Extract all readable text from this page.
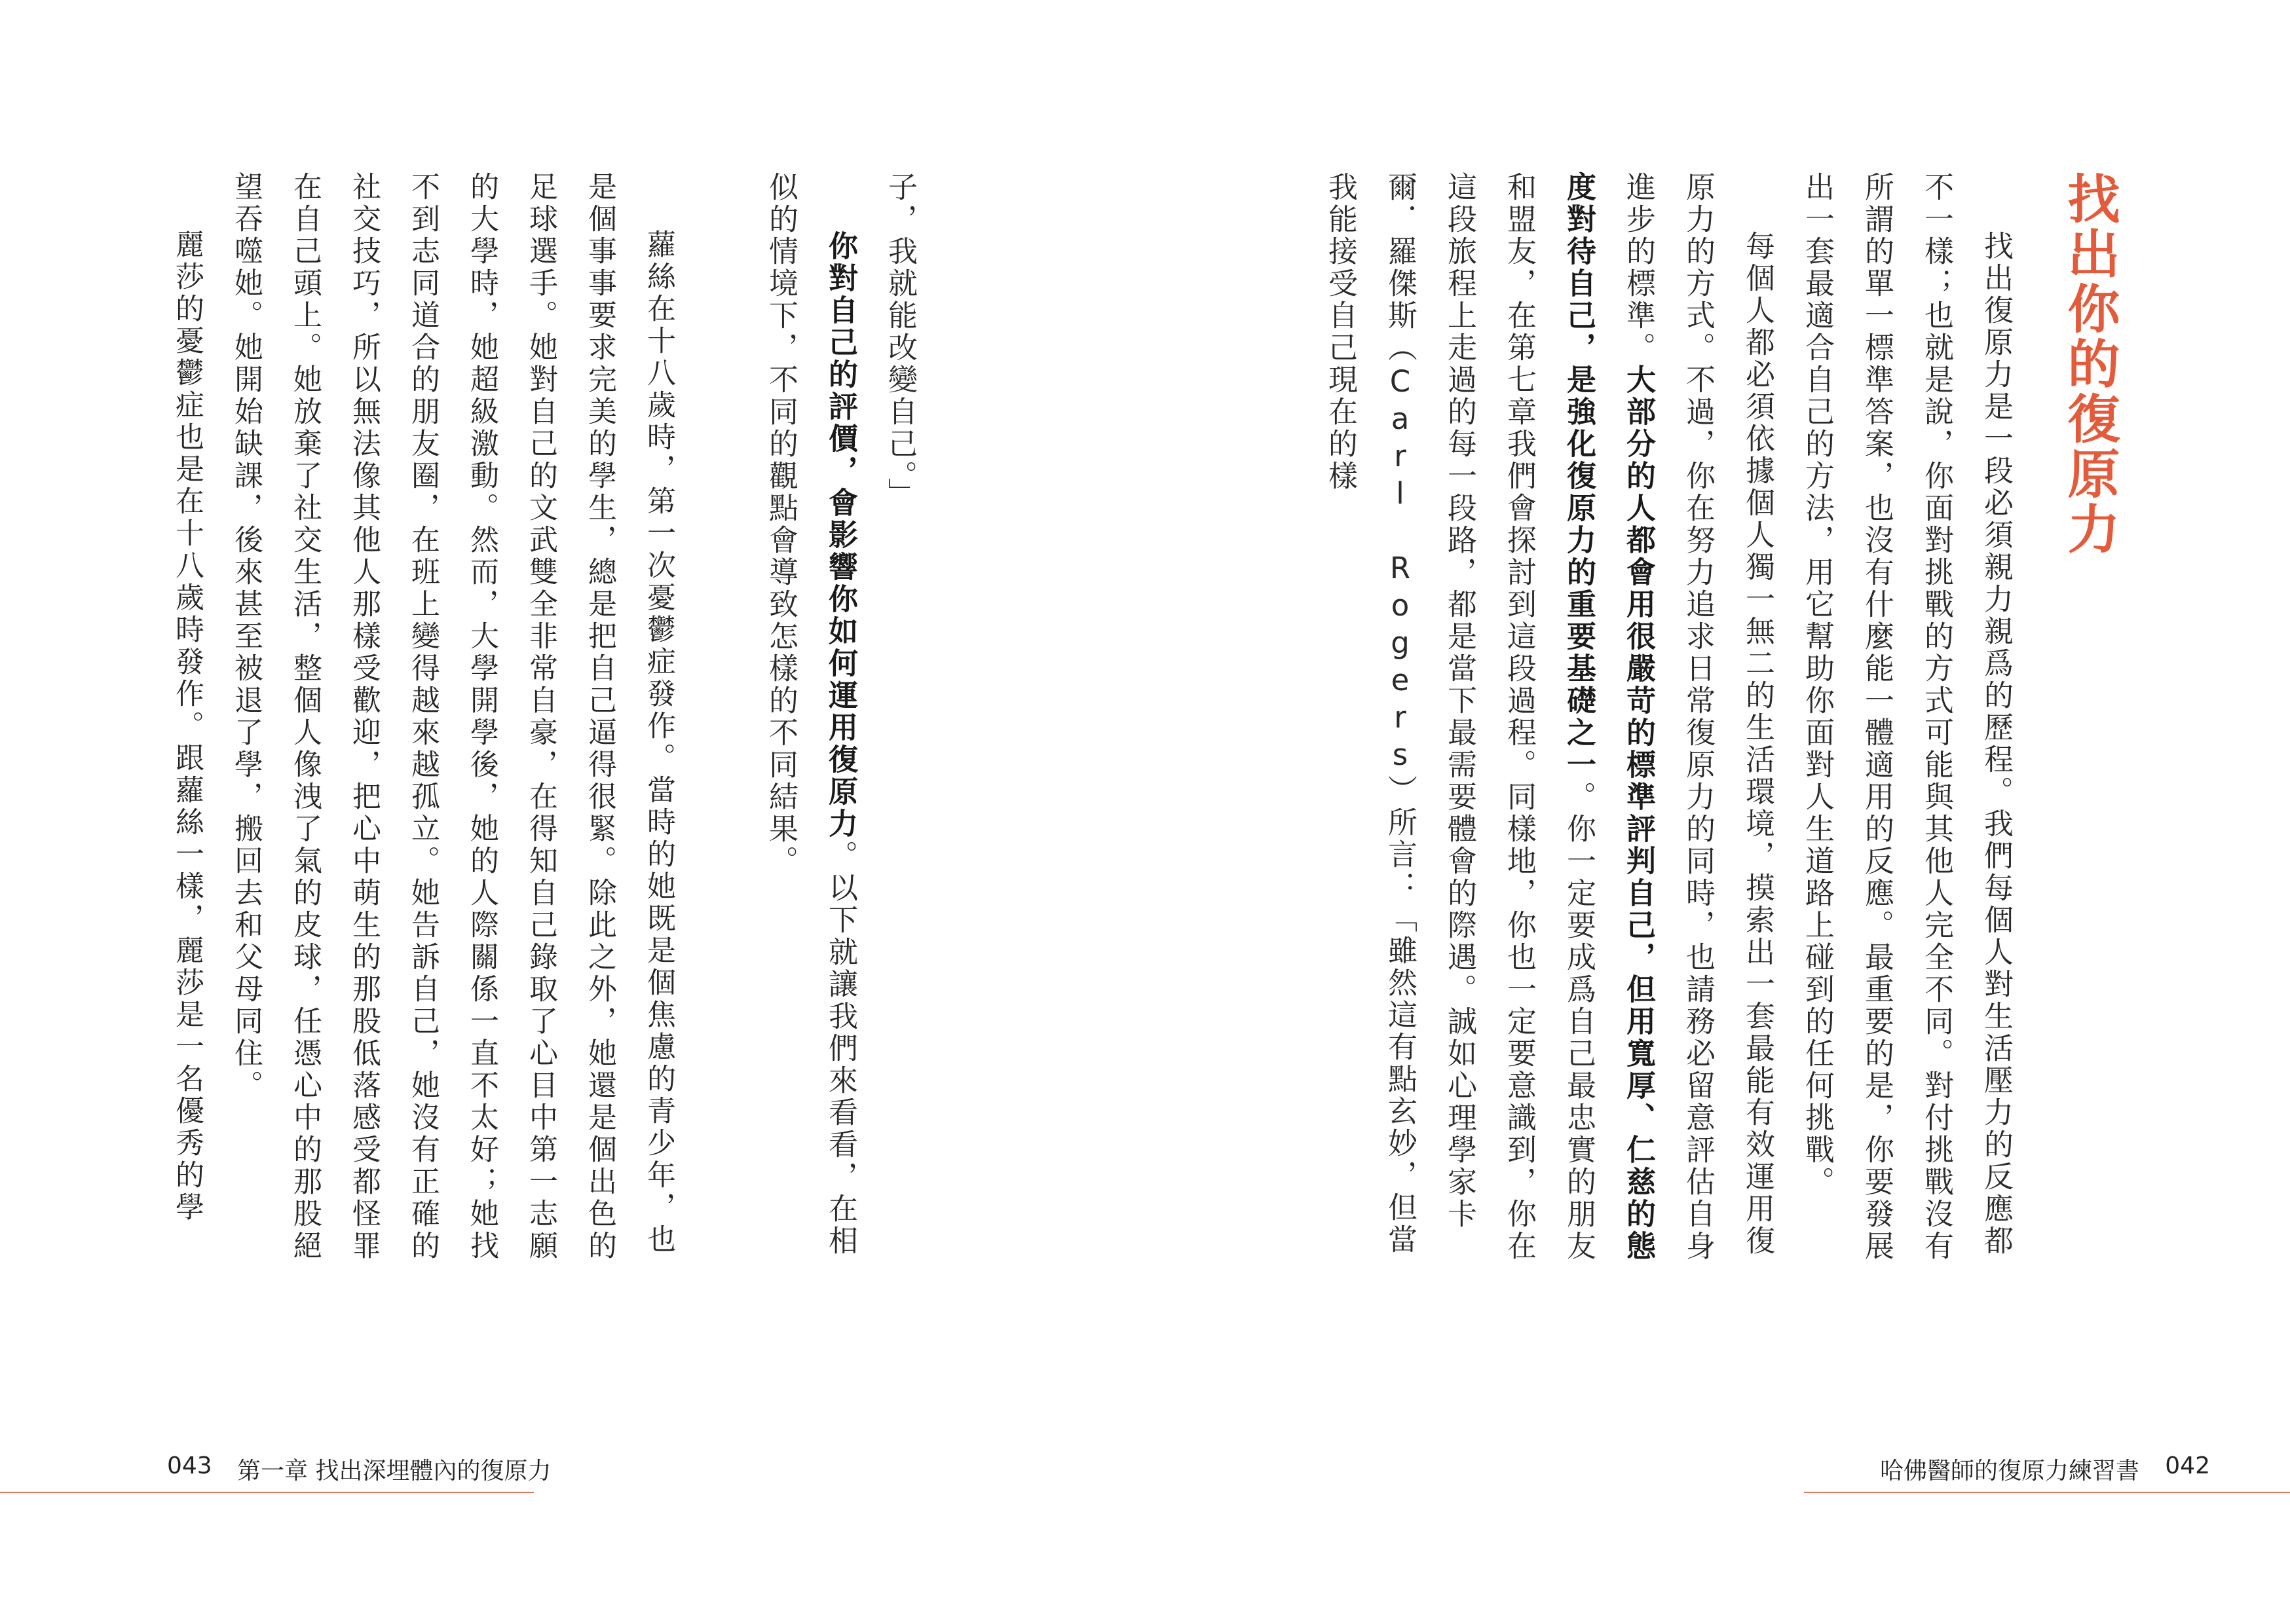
子，我就能改變自己。」

你對自己的評價，會影響你如何運用復原力。以下就讓我們來看看，在相似的情境下，不同的觀點會導致怎樣的不同結果。

蘿絲在十八歲時，第一次憂鬱症發作。當時的她既是個焦慮的青少年，也是個事事要求完美的學生，總是把自己逼得很緊。除此之外，她還是個出色的足球選手。她對自己的文武雙全非常自豪，在得知自己錄取了心目中第一志願的大學時，她超級激動。然而，大學開學後，她的人際關係一直不太好；她找不到志同道合的朋友圈，在班上變得越來越孤立。她告訴自己，她沒有正確的社交技巧，所以無法像其他人那樣受歡迎，把心中萌生的那股低落感受都怪罪在自己頭上。她放棄了社交生活，整個人像洩了氣的皮球，任憑心中的那股絕望吞噬她。她開始缺課，後來甚至被退了學，搬回去和父母同住。

麗莎的憂鬱症也是在十八歲時發作。跟蘿絲一樣，麗莎是一名優秀的學

043 第一章 找出深埋體內的復原力
找出你的復原力

找出復原力是一段必須親力親爲的歷程。我們每個人對生活壓力的反應都不一樣；也就是說，你面對挑戰的方式可能與其他人完全不同。對付挑戰沒有所謂的單一標準答案，也沒有什麼能一體適用的反應。最重要的是，你要發展出一套最適合自己的方法，用它幫助你面對人生道路上碰到的任何挑戰。

每個人都必須依據個人獨一無二的生活環境，摸索出一套最能有效運用復原力的方式。不過，你在努力追求日常復原力的同時，也請務必留意評估自身進步的標準。大部分的人都會用很嚴苛的標準評判自己，但用寬厚、仁慈的態度對待自己，是強化復原力的重要基礎之一。你一定要成爲自己最忠實的朋友和盟友，在第七章我們會探討到這段過程。同樣地，你也一定要意識到，你在這段旅程上走過的每一段路，都是當下最需要體會的際遇。誠如心理學家卡爾．羅傑斯（Carl Rogers）所言：「雖然這有點玄妙，但當我能接受自己現在的樣

哈佛醫師的復原力練習書 042
